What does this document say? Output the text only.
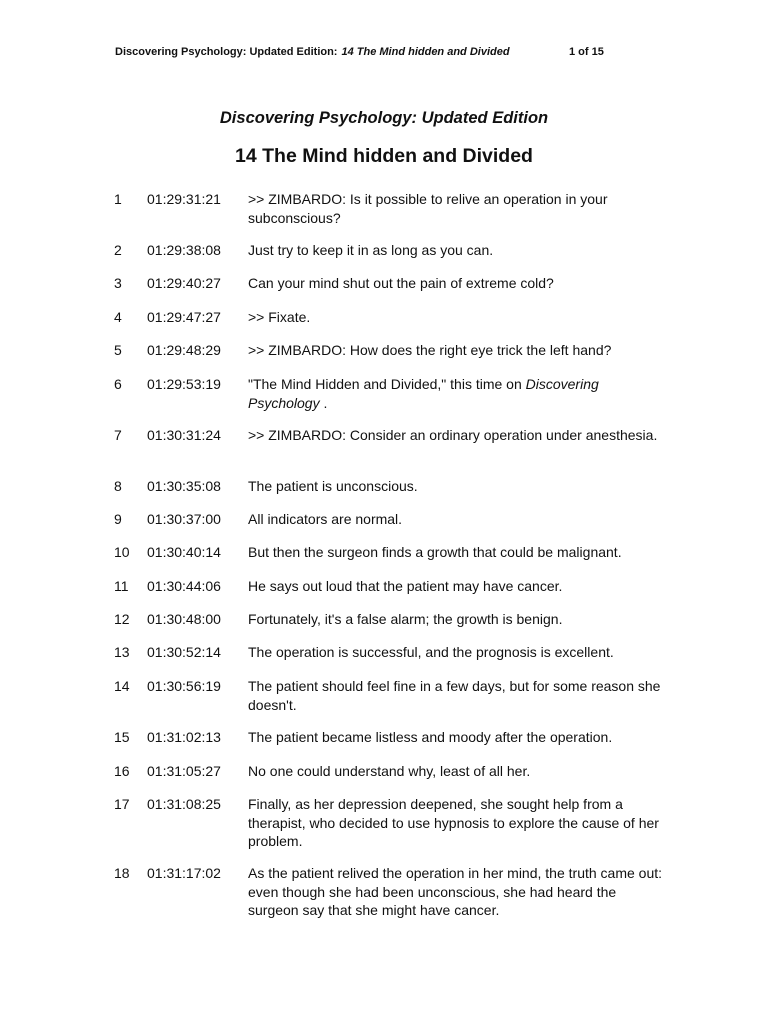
Discovering Psychology: Updated Edition: 14 The Mind hidden and Divided	1 of 15
Discovering Psychology: Updated Edition
14 The Mind hidden and Divided
1 01:29:31:21 >> ZIMBARDO: Is it possible to relive an operation in your subconscious?
2 01:29:38:08 Just try to keep it in as long as you can.
3 01:29:40:27 Can your mind shut out the pain of extreme cold?
4 01:29:47:27 >> Fixate.
5 01:29:48:29 >> ZIMBARDO: How does the right eye trick the left hand?
6 01:29:53:19 "The Mind Hidden and Divided," this time on Discovering Psychology .
7 01:30:31:24 >> ZIMBARDO: Consider an ordinary operation under anesthesia.
8 01:30:35:08 The patient is unconscious.
9 01:30:37:00 All indicators are normal.
10 01:30:40:14 But then the surgeon finds a growth that could be malignant.
11 01:30:44:06 He says out loud that the patient may have cancer.
12 01:30:48:00 Fortunately, it's a false alarm; the growth is benign.
13 01:30:52:14 The operation is successful, and the prognosis is excellent.
14 01:30:56:19 The patient should feel fine in a few days, but for some reason she doesn't.
15 01:31:02:13 The patient became listless and moody after the operation.
16 01:31:05:27 No one could understand why, least of all her.
17 01:31:08:25 Finally, as her depression deepened, she sought help from a therapist, who decided to use hypnosis to explore the cause of her problem.
18 01:31:17:02 As the patient relived the operation in her mind, the truth came out: even though she had been unconscious, she had heard the surgeon say that she might have cancer.
